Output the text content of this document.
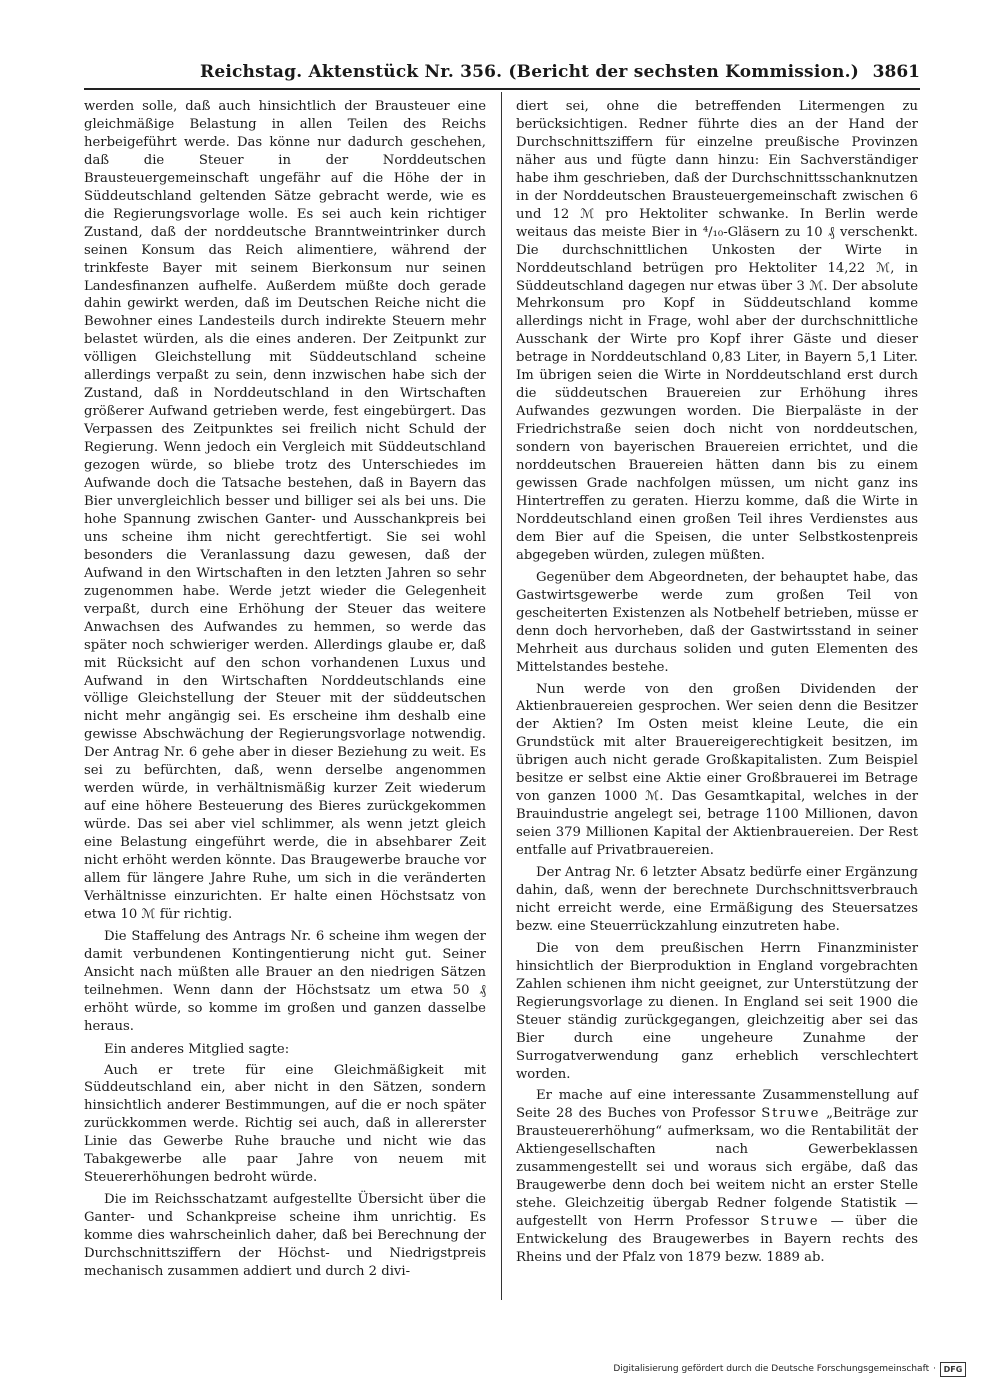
Reichstag. Aktenstück Nr. 356. (Bericht der sechsten Kommission.) 3861

werden solle, daß auch hinsichtlich der Brausteuer eine gleichmäßige Belastung in allen Teilen des Reichs herbeigeführt werde. Das könne nur dadurch geschehen, daß die Steuer in der Norddeutschen Brausteuergemeinschaft ungefähr auf die Höhe der in Süddeutschland geltenden Sätze gebracht werde, wie es die Regierungsvorlage wolle. Es sei auch kein richtiger Zustand, daß der norddeutsche Branntweintrinker durch seinen Konsum das Reich alimentiere, während der trinkfeste Bayer mit seinem Bierkonsum nur seinen Landesfinanzen aufhelfe. Außerdem müßte doch gerade dahin gewirkt werden, daß im Deutschen Reiche nicht die Bewohner eines Landesteils durch indirekte Steuern mehr belastet würden, als die eines anderen. Der Zeitpunkt zur völligen Gleichstellung mit Süddeutschland scheine allerdings verpaßt zu sein, denn inzwischen habe sich der Zustand, daß in Norddeutschland in den Wirtschaften größerer Aufwand getrieben werde, fest eingebürgert. Das Verpassen des Zeitpunktes sei freilich nicht Schuld der Regierung. Wenn jedoch ein Vergleich mit Süddeutschland gezogen würde, so bliebe trotz des Unterschiedes im Aufwande doch die Tatsache bestehen, daß in Bayern das Bier unvergleichlich besser und billiger sei als bei uns. Die hohe Spannung zwischen Ganter- und Ausschankpreis bei uns scheine ihm nicht gerechtfertigt. Sie sei wohl besonders die Veranlassung dazu gewesen, daß der Aufwand in den Wirtschaften in den letzten Jahren so sehr zugenommen habe. Werde jetzt wieder die Gelegenheit verpaßt, durch eine Erhöhung der Steuer das weitere Anwachsen des Aufwandes zu hemmen, so werde das später noch schwieriger werden. Allerdings glaube er, daß mit Rücksicht auf den schon vorhandenen Luxus und Aufwand in den Wirtschaften Norddeutschlands eine völlige Gleichstellung der Steuer mit der süddeutschen nicht mehr angängig sei. Es erscheine ihm deshalb eine gewisse Abschwächung der Regierungsvorlage notwendig. Der Antrag Nr. 6 gehe aber in dieser Beziehung zu weit. Es sei zu befürchten, daß, wenn derselbe angenommen werden würde, in verhältnismäßig kurzer Zeit wiederum auf eine höhere Besteuerung des Bieres zurückgekommen würde. Das sei aber viel schlimmer, als wenn jetzt gleich eine Belastung eingeführt werde, die in absehbarer Zeit nicht erhöht werden könnte. Das Braugewerbe brauche vor allem für längere Jahre Ruhe, um sich in die veränderten Verhältnisse einzurichten. Er halte einen Höchstsatz von etwa 10 ℳ für richtig.

Die Staffelung des Antrags Nr. 6 scheine ihm wegen der damit verbundenen Kontingentierung nicht gut. Seiner Ansicht nach müßten alle Brauer an den niedrigen Sätzen teilnehmen. Wenn dann der Höchstsatz um etwa 50 ₰ erhöht würde, so komme im großen und ganzen dasselbe heraus.

Ein anderes Mitglied sagte:

Auch er trete für eine Gleichmäßigkeit mit Süddeutschland ein, aber nicht in den Sätzen, sondern hinsichtlich anderer Bestimmungen, auf die er noch später zurückkommen werde. Richtig sei auch, daß in allererster Linie das Gewerbe Ruhe brauche und nicht wie das Tabakgewerbe alle paar Jahre von neuem mit Steuererhöhungen bedroht würde.

Die im Reichsschatzamt aufgestellte Übersicht über die Ganter- und Schankpreise scheine ihm unrichtig. Es komme dies wahrscheinlich daher, daß bei Berechnung der Durchschnittsziffern der Höchst- und Niedrigstpreis mechanisch zusammen addiert und durch 2 divi-

diert sei, ohne die betreffenden Litermengen zu berücksichtigen. Redner führte dies an der Hand der Durchschnittsziffern für einzelne preußische Provinzen näher aus und fügte dann hinzu: Ein Sachverständiger habe ihm geschrieben, daß der Durchschnittsschanknutzen in der Norddeutschen Brausteuergemeinschaft zwischen 6 und 12 ℳ pro Hektoliter schwanke. In Berlin werde weitaus das meiste Bier in ⁴/₁₀-Gläsern zu 10 ₰ verschenkt. Die durchschnittlichen Unkosten der Wirte in Norddeutschland betrügen pro Hektoliter 14,22 ℳ, in Süddeutschland dagegen nur etwas über 3 ℳ. Der absolute Mehrkonsum pro Kopf in Süddeutschland komme allerdings nicht in Frage, wohl aber der durchschnittliche Ausschank der Wirte pro Kopf ihrer Gäste und dieser betrage in Norddeutschland 0,83 Liter, in Bayern 5,1 Liter. Im übrigen seien die Wirte in Norddeutschland erst durch die süddeutschen Brauereien zur Erhöhung ihres Aufwandes gezwungen worden. Die Bierpaläste in der Friedrichstraße seien doch nicht von norddeutschen, sondern von bayerischen Brauereien errichtet, und die norddeutschen Brauereien hätten dann bis zu einem gewissen Grade nachfolgen müssen, um nicht ganz ins Hintertreffen zu geraten. Hierzu komme, daß die Wirte in Norddeutschland einen großen Teil ihres Verdienstes aus dem Bier auf die Speisen, die unter Selbstkostenpreis abgegeben würden, zulegen müßten.

Gegenüber dem Abgeordneten, der behauptet habe, das Gastwirtsgewerbe werde zum großen Teil von gescheiterten Existenzen als Notbehelf betrieben, müsse er denn doch hervorheben, daß der Gastwirtsstand in seiner Mehrheit aus durchaus soliden und guten Elementen des Mittelstandes bestehe.

Nun werde von den großen Dividenden der Aktienbrauereien gesprochen. Wer seien denn die Besitzer der Aktien? Im Osten meist kleine Leute, die ein Grundstück mit alter Brauereigerechtigkeit besitzen, im übrigen auch nicht gerade Großkapitalisten. Zum Beispiel besitze er selbst eine Aktie einer Großbrauerei im Betrage von ganzen 1000 ℳ. Das Gesamtkapital, welches in der Brauindustrie angelegt sei, betrage 1100 Millionen, davon seien 379 Millionen Kapital der Aktienbrauereien. Der Rest entfalle auf Privatbrauereien.

Der Antrag Nr. 6 letzter Absatz bedürfe einer Ergänzung dahin, daß, wenn der berechnete Durchschnittsverbrauch nicht erreicht werde, eine Ermäßigung des Steuersatzes bezw. eine Steuerrückzahlung einzutreten habe.

Die von dem preußischen Herrn Finanzminister hinsichtlich der Bierproduktion in England vorgebrachten Zahlen schienen ihm nicht geeignet, zur Unterstützung der Regierungsvorlage zu dienen. In England sei seit 1900 die Steuer ständig zurückgegangen, gleichzeitig aber sei das Bier durch eine ungeheure Zunahme der Surrogatverwendung ganz erheblich verschlechtert worden.

Er mache auf eine interessante Zusammenstellung auf Seite 28 des Buches von Professor Struwe „Beiträge zur Brausteuererhöhung“ aufmerksam, wo die Rentabilität der Aktiengesellschaften nach Gewerbeklassen zusammengestellt sei und woraus sich ergäbe, daß das Braugewerbe denn doch bei weitem nicht an erster Stelle stehe. Gleichzeitig übergab Redner folgende Statistik — aufgestellt von Herrn Professor Struwe — über die Entwickelung des Braugewerbes in Bayern rechts des Rheins und der Pfalz von 1879 bezw. 1889 ab.

Digitalisierung gefördert durch die Deutsche Forschungsgemeinschaft · DFG
